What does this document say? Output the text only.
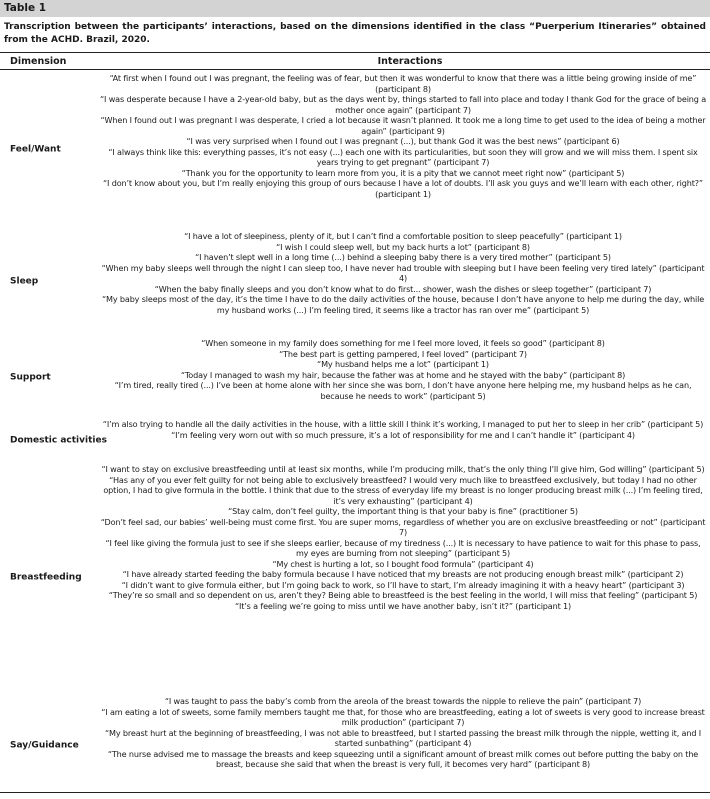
Table 1
Transcription between the participants’ interactions, based on the dimensions identified in the class “Puerperium Itineraries” obtained from the ACHD. Brazil, 2020.
Dimension	Interactions
Feel/Want
“At first when I found out I was pregnant, the feeling was of fear, but then it was wonderful to know that there was a little being growing inside of me” (participant 8)
“I was desperate because I have a 2-year-old baby, but as the days went by, things started to fall into place and today I thank God for the grace of being a mother once again” (participant 7)
“When I found out I was pregnant I was desperate, I cried a lot because it wasn’t planned. It took me a long time to get used to the idea of being a mother again” (participant 9)
“I was very surprised when I found out I was pregnant (...), but thank God it was the best news” (participant 6)
“I always think like this: everything passes, it’s not easy (...) each one with its particularities, but soon they will grow and we will miss them. I spent six years trying to get pregnant” (participant 7)
“Thank you for the opportunity to learn more from you, it is a pity that we cannot meet right now” (participant 5)
“I don’t know about you, but I’m really enjoying this group of ours because I have a lot of doubts. I’ll ask you guys and we’ll learn with each other, right?” (participant 1)
Sleep
“I have a lot of sleepiness, plenty of it, but I can’t find a comfortable position to sleep peacefully” (participant 1)
“I wish I could sleep well, but my back hurts a lot” (participant 8)
“I haven’t slept well in a long time (...) behind a sleeping baby there is a very tired mother” (participant 5)
“When my baby sleeps well through the night I can sleep too, I have never had trouble with sleeping but I have been feeling very tired lately” (participant 4)
“When the baby finally sleeps and you don’t know what to do first... shower, wash the dishes or sleep together” (participant 7)
“My baby sleeps most of the day, it’s the time I have to do the daily activities of the house, because I don’t have anyone to help me during the day, while my husband works (...) I’m feeling tired, it seems like a tractor has ran over me” (participant 5)
Support
“When someone in my family does something for me I feel more loved, it feels so good” (participant 8)
“The best part is getting pampered, I feel loved” (participant 7)
“My husband helps me a lot” (participant 1)
“Today I managed to wash my hair, because the father was at home and he stayed with the baby” (participant 8)
“I’m tired, really tired (...) I’ve been at home alone with her since she was born, I don’t have anyone here helping me, my husband helps as he can, because he needs to work” (participant 5)
Domestic activities
“I’m also trying to handle all the daily activities in the house, with a little skill I think it’s working, I managed to put her to sleep in her crib” (participant 5)
“I’m feeling very worn out with so much pressure, it’s a lot of responsibility for me and I can’t handle it” (participant 4)
Breastfeeding
“I want to stay on exclusive breastfeeding until at least six months, while I’m producing milk, that’s the only thing I’ll give him, God willing” (participant 5)
“Has any of you ever felt guilty for not being able to exclusively breastfeed? I would very much like to breastfeed exclusively, but today I had no other option, I had to give formula in the bottle. I think that due to the stress of everyday life my breast is no longer producing breast milk (...) I’m feeling tired, it’s very exhausting” (participant 4)
“Stay calm, don’t feel guilty, the important thing is that your baby is fine” (practitioner 5)
“Don’t feel sad, our babies’ well-being must come first. You are super moms, regardless of whether you are on exclusive breastfeeding or not” (participant 7)
“I feel like giving the formula just to see if she sleeps earlier, because of my tiredness (...) It is necessary to have patience to wait for this phase to pass, my eyes are burning from not sleeping” (participant 5)
“My chest is hurting a lot, so I bought food formula” (participant 4)
“I have already started feeding the baby formula because I have noticed that my breasts are not producing enough breast milk” (participant 2)
“I didn’t want to give formula either, but I’m going back to work, so I’ll have to start, I’m already imagining it with a heavy heart” (participant 3)
“They’re so small and so dependent on us, aren’t they? Being able to breastfeed is the best feeling in the world, I will miss that feeling” (participant 5)
“It’s a feeling we’re going to miss until we have another baby, isn’t it?” (participant 1)
Say/Guidance
“I was taught to pass the baby’s comb from the areola of the breast towards the nipple to relieve the pain” (participant 7)
“I am eating a lot of sweets, some family members taught me that, for those who are breastfeeding, eating a lot of sweets is very good to increase breast milk production” (participant 7)
“My breast hurt at the beginning of breastfeeding, I was not able to breastfeed, but I started passing the breast milk through the nipple, wetting it, and I started sunbathing” (participant 4)
“The nurse advised me to massage the breasts and keep squeezing until a significant amount of breast milk comes out before putting the baby on the breast, because she said that when the breast is very full, it becomes very hard” (participant 8)
